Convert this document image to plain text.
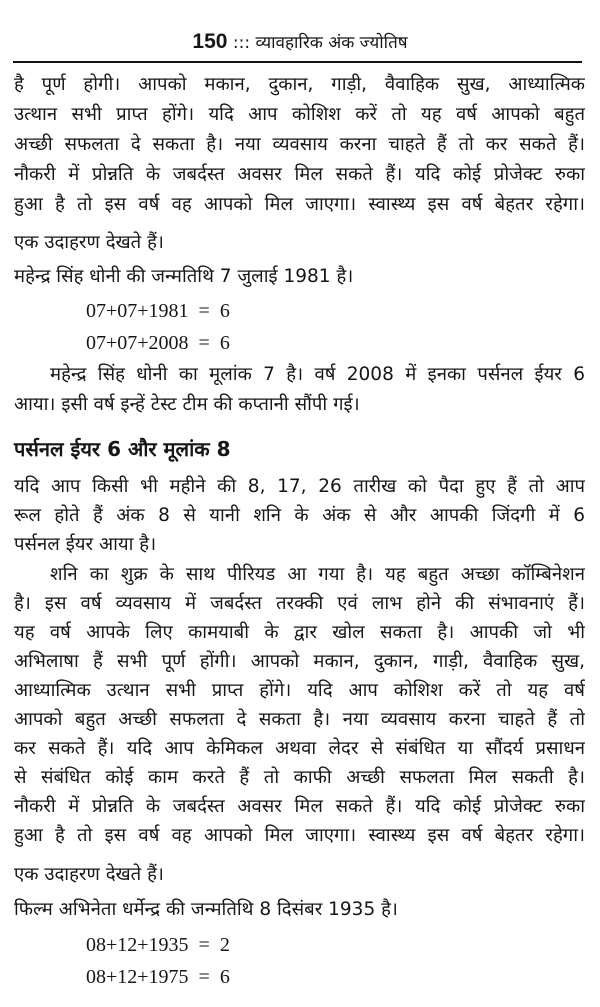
150 ::: व्यावहारिक अंक ज्योतिष
है पूर्ण होगी। आपको मकान, दुकान, गाड़ी, वैवाहिक सुख, आध्यात्मिक
उत्थान सभी प्राप्त होंगे। यदि आप कोशिश करें तो यह वर्ष आपको बहुत
अच्छी सफलता दे सकता है। नया व्यवसाय करना चाहते हैं तो कर सकते हैं।
नौकरी में प्रोन्नति के जबर्दस्त अवसर मिल सकते हैं। यदि कोई प्रोजेक्ट रुका
हुआ है तो इस वर्ष वह आपको मिल जाएगा। स्वास्थ्य इस वर्ष बेहतर रहेगा।
एक उदाहरण देखते हैं।
महेन्द्र सिंह धोनी की जन्मतिथि 7 जुलाई 1981 है।
07+07+1981  =  6
07+07+2008  =  6
महेन्द्र सिंह धोनी का मूलांक 7 है। वर्ष 2008 में इनका पर्सनल ईयर 6
आया। इसी वर्ष इन्हें टेस्ट टीम की कप्तानी सौंपी गई।
पर्सनल ईयर 6 और मूलांक 8
यदि आप किसी भी महीने की 8, 17, 26 तारीख को पैदा हुए हैं तो आप
रूल होते हैं अंक 8 से यानी शनि के अंक से और आपकी जिंदगी में 6
पर्सनल ईयर आया है।
शनि का शुक्र के साथ पीरियड आ गया है। यह बहुत अच्छा कॉम्बिनेशन
है। इस वर्ष व्यवसाय में जबर्दस्त तरक्की एवं लाभ होने की संभावनाएं हैं।
यह वर्ष आपके लिए कामयाबी के द्वार खोल सकता है। आपकी जो भी
अभिलाषा हैं सभी पूर्ण होंगी। आपको मकान, दुकान, गाड़ी, वैवाहिक सुख,
आध्यात्मिक उत्थान सभी प्राप्त होंगे। यदि आप कोशिश करें तो यह वर्ष
आपको बहुत अच्छी सफलता दे सकता है। नया व्यवसाय करना चाहते हैं तो
कर सकते हैं। यदि आप केमिकल अथवा लेदर से संबंधित या सौंदर्य प्रसाधन
से संबंधित कोई काम करते हैं तो काफी अच्छी सफलता मिल सकती है।
नौकरी में प्रोन्नति के जबर्दस्त अवसर मिल सकते हैं। यदि कोई प्रोजेक्ट रुका
हुआ है तो इस वर्ष वह आपको मिल जाएगा। स्वास्थ्य इस वर्ष बेहतर रहेगा।
एक उदाहरण देखते हैं।
फिल्म अभिनेता धर्मेन्द्र की जन्मतिथि 8 दिसंबर 1935 है।
08+12+1935  =  2
08+12+1975  =  6
